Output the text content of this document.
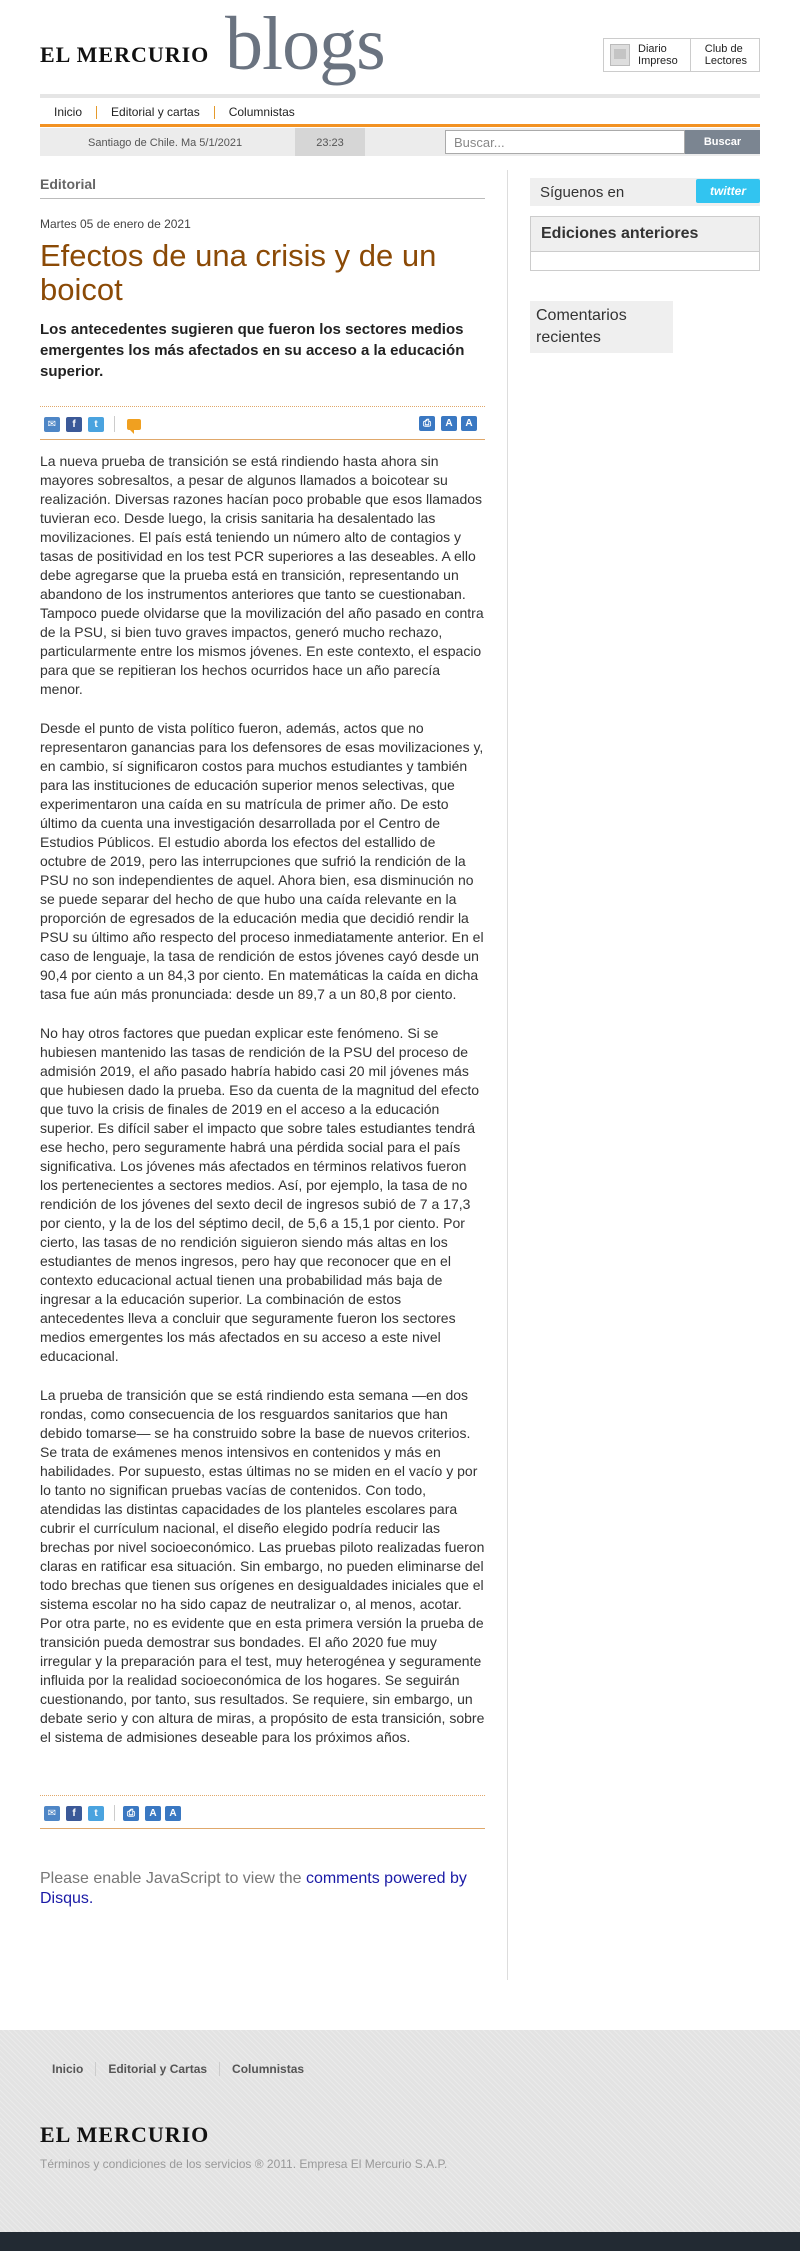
EL MERCURIO blogs	Diario
Impreso
Club de
Lectores
Inicio	Editorial y cartas	Columnistas
Santiago de Chile. Ma 5/1/2021	23:23
Buscar...	Buscar
Editorial
Martes 05 de enero de 2021
Efectos de una crisis y de un boicot
Los antecedentes sugieren que fueron los sectores medios emergentes los más afectados en su acceso a la educación superior.
✉	f	t	⎙	A	A

La nueva prueba de transición se está rindiendo hasta ahora sin mayores sobresaltos, a pesar de algunos llamados a boicotear su realización. Diversas razones hacían poco probable que esos llamados tuvieran eco. Desde luego, la crisis sanitaria ha desalentado las movilizaciones. El país está teniendo un número alto de contagios y tasas de positividad en los test PCR superiores a las deseables. A ello debe agregarse que la prueba está en transición, representando un abandono de los instrumentos anteriores que tanto se cuestionaban. Tampoco puede olvidarse que la movilización del año pasado en contra de la PSU, si bien tuvo graves impactos, generó mucho rechazo, particularmente entre los mismos jóvenes. En este contexto, el espacio para que se repitieran los hechos ocurridos hace un año parecía menor.

Desde el punto de vista político fueron, además, actos que no representaron ganancias para los defensores de esas movilizaciones y, en cambio, sí significaron costos para muchos estudiantes y también para las instituciones de educación superior menos selectivas, que experimentaron una caída en su matrícula de primer año. De esto último da cuenta una investigación desarrollada por el Centro de Estudios Públicos. El estudio aborda los efectos del estallido de octubre de 2019, pero las interrupciones que sufrió la rendición de la PSU no son independientes de aquel. Ahora bien, esa disminución no se puede separar del hecho de que hubo una caída relevante en la proporción de egresados de la educación media que decidió rendir la PSU su último año respecto del proceso inmediatamente anterior. En el caso de lenguaje, la tasa de rendición de estos jóvenes cayó desde un 90,4 por ciento a un 84,3 por ciento. En matemáticas la caída en dicha tasa fue aún más pronunciada: desde un 89,7 a un 80,8 por ciento.

No hay otros factores que puedan explicar este fenómeno. Si se hubiesen mantenido las tasas de rendición de la PSU del proceso de admisión 2019, el año pasado habría habido casi 20 mil jóvenes más que hubiesen dado la prueba. Eso da cuenta de la magnitud del efecto que tuvo la crisis de finales de 2019 en el acceso a la educación superior. Es difícil saber el impacto que sobre tales estudiantes tendrá ese hecho, pero seguramente habrá una pérdida social para el país significativa. Los jóvenes más afectados en términos relativos fueron los pertenecientes a sectores medios. Así, por ejemplo, la tasa de no rendición de los jóvenes del sexto decil de ingresos subió de 7 a 17,3 por ciento, y la de los del séptimo decil, de 5,6 a 15,1 por ciento. Por cierto, las tasas de no rendición siguieron siendo más altas en los estudiantes de menos ingresos, pero hay que reconocer que en el contexto educacional actual tienen una probabilidad más baja de ingresar a la educación superior. La combinación de estos antecedentes lleva a concluir que seguramente fueron los sectores medios emergentes los más afectados en su acceso a este nivel educacional.

La prueba de transición que se está rindiendo esta semana —en dos rondas, como consecuencia de los resguardos sanitarios que han debido tomarse— se ha construido sobre la base de nuevos criterios. Se trata de exámenes menos intensivos en contenidos y más en habilidades. Por supuesto, estas últimas no se miden en el vacío y por lo tanto no significan pruebas vacías de contenidos. Con todo, atendidas las distintas capacidades de los planteles escolares para cubrir el currículum nacional, el diseño elegido podría reducir las brechas por nivel socioeconómico. Las pruebas piloto realizadas fueron claras en ratificar esa situación. Sin embargo, no pueden eliminarse del todo brechas que tienen sus orígenes en desigualdades iniciales que el sistema escolar no ha sido capaz de neutralizar o, al menos, acotar. Por otra parte, no es evidente que en esta primera versión la prueba de transición pueda demostrar sus bondades. El año 2020 fue muy irregular y la preparación para el test, muy heterogénea y seguramente influida por la realidad socioeconómica de los hogares. Se seguirán cuestionando, por tanto, sus resultados. Se requiere, sin embargo, un debate serio y con altura de miras, a propósito de esta transición, sobre el sistema de admisiones deseable para los próximos años.

✉	f	t	⎙	A	A
Please enable JavaScript to view the comments powered by Disqus.
Síguenos en	twitter
Ediciones anteriores
Comentarios recientes
Inicio	Editorial y Cartas	Columnistas
EL MERCURIO
Términos y condiciones de los servicios ® 2011. Empresa El Mercurio S.A.P.
